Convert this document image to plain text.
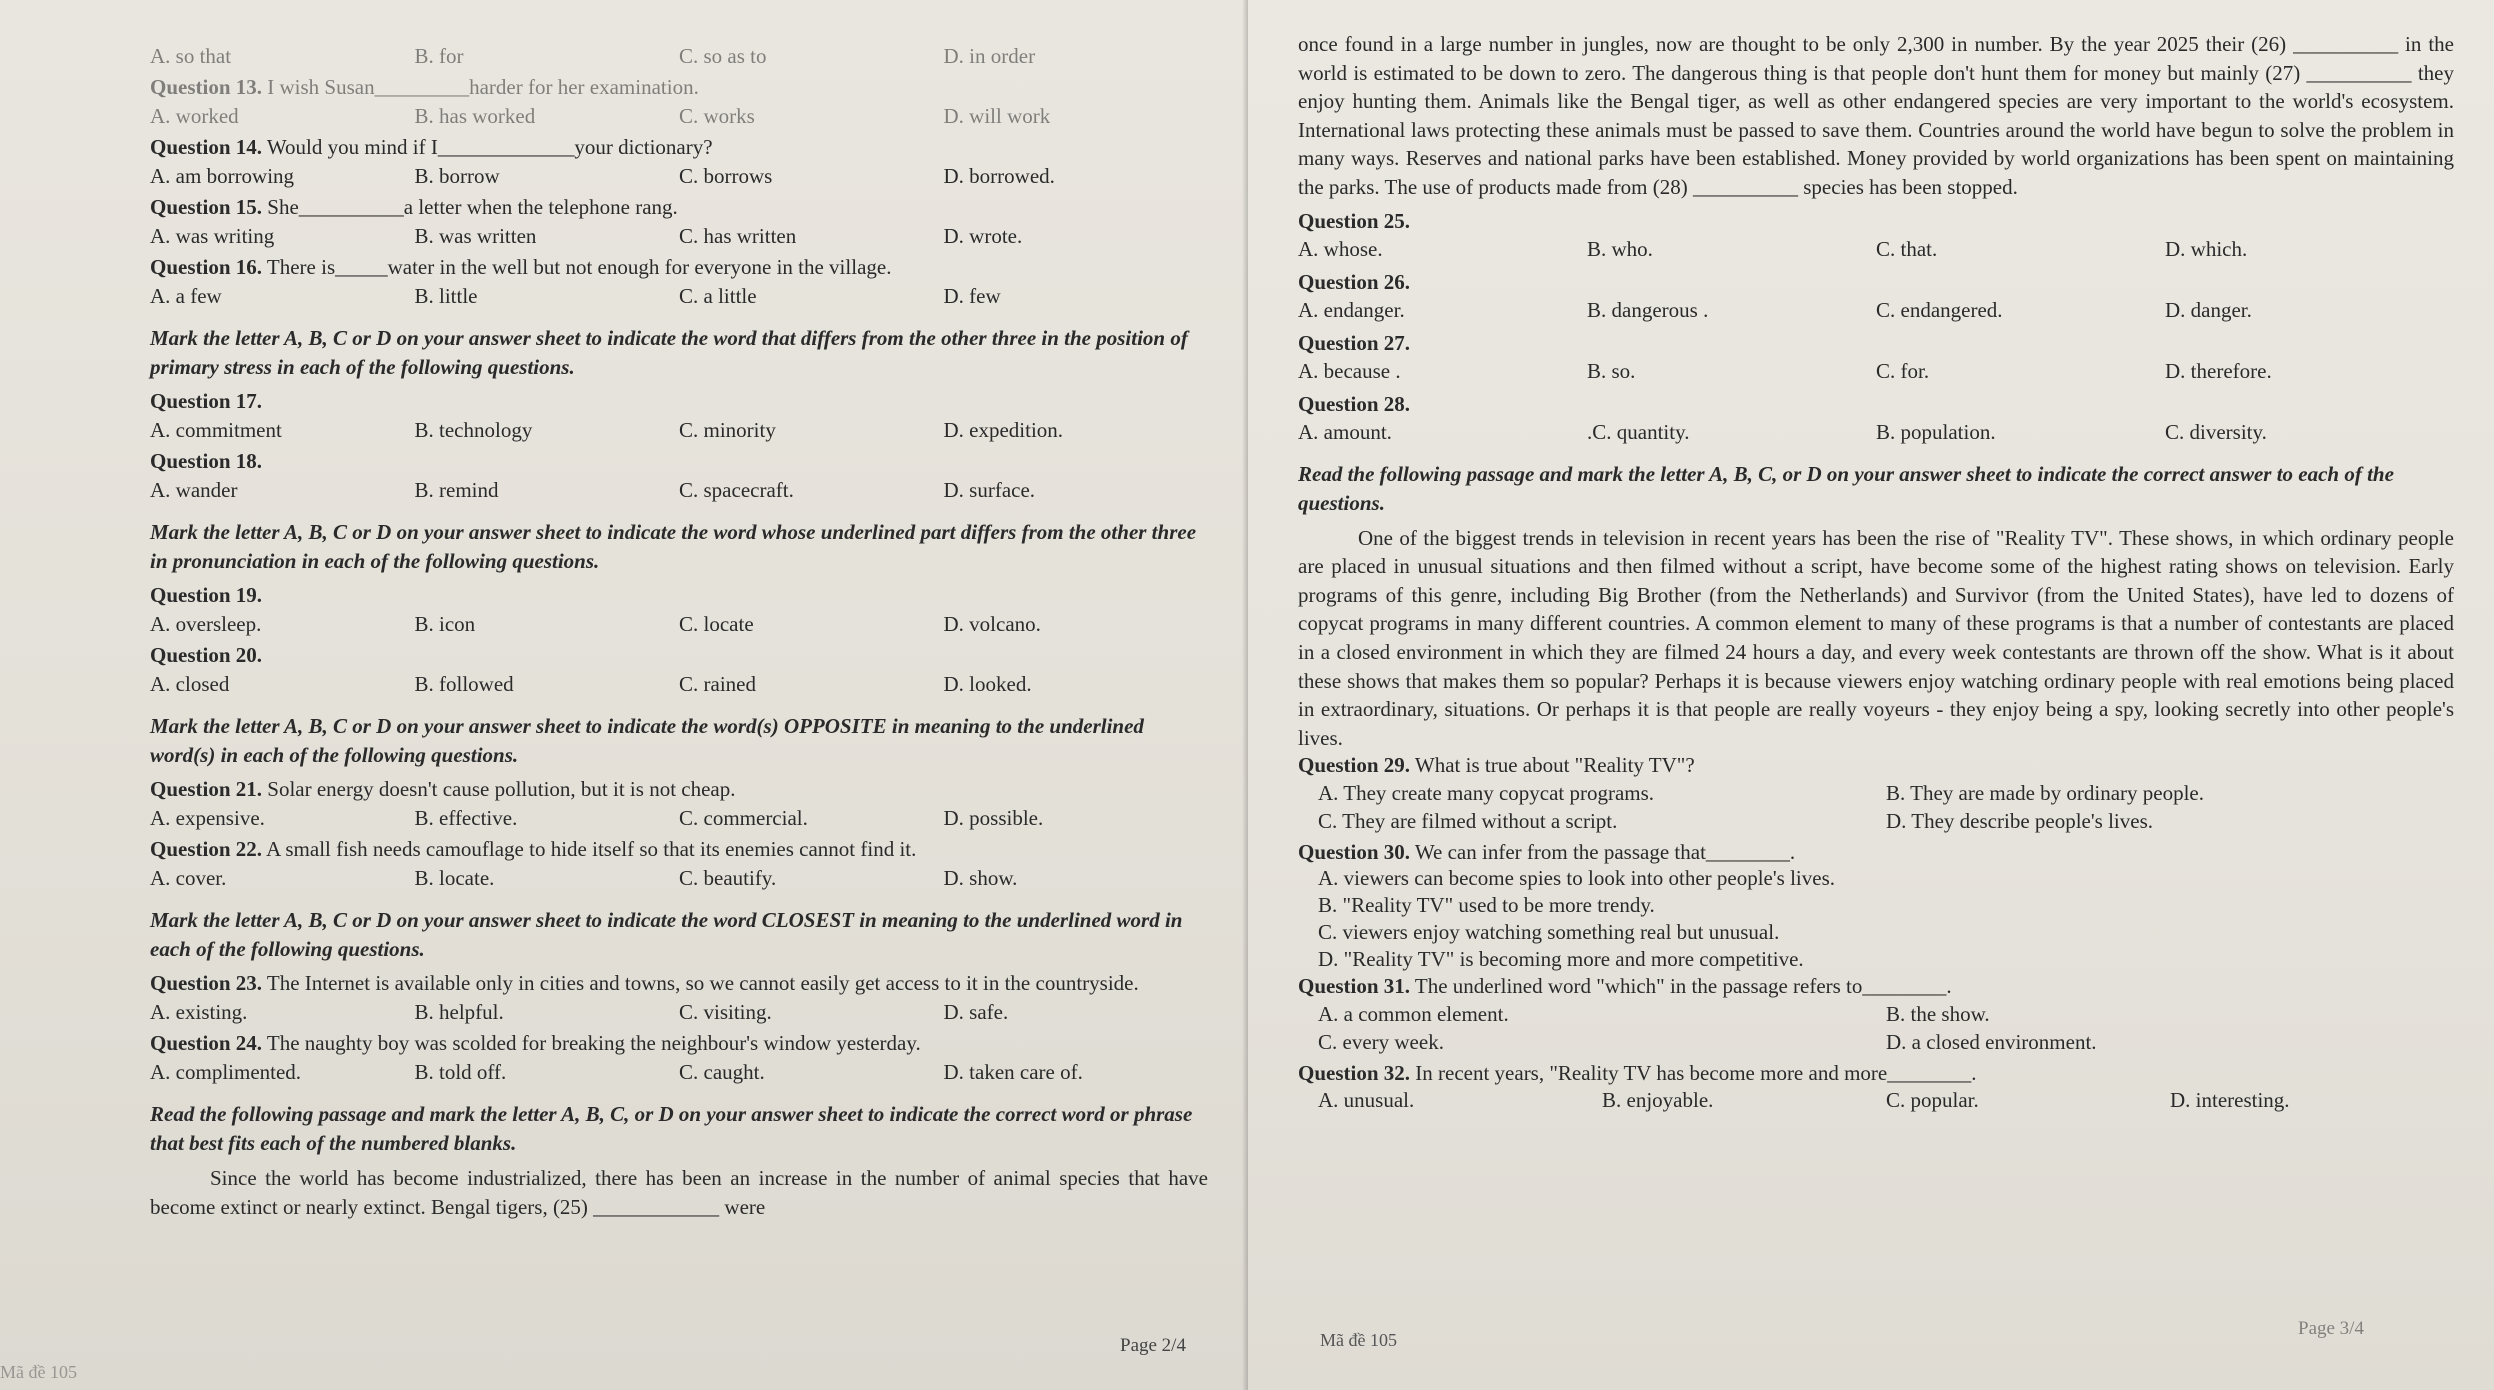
A. so that	B. for	C. so as to	D. in order
Question 13. I wish Susan_________harder for her examination.
A. worked	B. has worked	C. works	D. will work
Question 14. Would you mind if I_____________your dictionary?
A. am borrowing	B. borrow	C. borrows	D. borrowed.
Question 15. She__________a letter when the telephone rang.
A. was writing	B. was written	C. has written	D. wrote.
Question 16. There is_____water in the well but not enough for everyone in the village.
A. a few	B. little	C. a little	D. few
Mark the letter A, B, C or D on your answer sheet to indicate the word that differs from the other three in the position of primary stress in each of the following questions.
Question 17.
A. commitment	B. technology	C. minority	D. expedition.
Question 18.
A. wander	B. remind	C. spacecraft.	D. surface.
Mark the letter A, B, C or D on your answer sheet to indicate the word whose underlined part differs from the other three in pronunciation in each of the following questions.
Question 19.
A. oversleep.	B. icon	C. locate	D. volcano.
Question 20.
A. closed	B. followed	C. rained	D. looked.
Mark the letter A, B, C or D on your answer sheet to indicate the word(s) OPPOSITE in meaning to the underlined word(s) in each of the following questions.
Question 21. Solar energy doesn't cause pollution, but it is not cheap.
A. expensive.	B. effective.	C. commercial.	D. possible.
Question 22. A small fish needs camouflage to hide itself so that its enemies cannot find it.
A. cover.	B. locate.	C. beautify.	D. show.
Mark the letter A, B, C or D on your answer sheet to indicate the word CLOSEST in meaning to the underlined word in each of the following questions.
Question 23. The Internet is available only in cities and towns, so we cannot easily get access to it in the countryside.
A. existing.	B. helpful.	C. visiting.	D. safe.
Question 24. The naughty boy was scolded for breaking the neighbour's window yesterday.
A. complimented.	B. told off.	C. caught.	D. taken care of.
Read the following passage and mark the letter A, B, C, or D on your answer sheet to indicate the correct word or phrase that best fits each of the numbered blanks.

Since the world has become industrialized, there has been an increase in the number of animal species that have become extinct or nearly extinct. Bengal tigers, (25) ____________ were

Page 2/4
Mã đề 105

once found in a large number in jungles, now are thought to be only 2,300 in number. By the year 2025 their (26) __________ in the world is estimated to be down to zero. The dangerous thing is that people don't hunt them for money but mainly (27) __________ they enjoy hunting them. Animals like the Bengal tiger, as well as other endangered species are very important to the world's ecosystem. International laws protecting these animals must be passed to save them. Countries around the world have begun to solve the problem in many ways. Reserves and national parks have been established. Money provided by world organizations has been spent on maintaining the parks. The use of products made from (28) __________ species has been stopped.

Question 25.
A. whose.	B. who.	C. that.	D. which.
Question 26.
A. endanger.	B. dangerous .	C. endangered.	D. danger.
Question 27.
A. because .	B. so.	C. for.	D. therefore.
Question 28.
A. amount.	.C. quantity.	B. population.	C. diversity.
Read the following passage and mark the letter A, B, C, or D on your answer sheet to indicate the correct answer to each of the questions.

One of the biggest trends in television in recent years has been the rise of "Reality TV". These shows, in which ordinary people are placed in unusual situations and then filmed without a script, have become some of the highest rating shows on television. Early programs of this genre, including Big Brother (from the Netherlands) and Survivor (from the United States), have led to dozens of copycat programs in many different countries. A common element to many of these programs is that a number of contestants are placed in a closed environment in which they are filmed 24 hours a day, and every week contestants are thrown off the show. What is it about these shows that makes them so popular? Perhaps it is because viewers enjoy watching ordinary people with real emotions being placed in extraordinary, situations. Or perhaps it is that people are really voyeurs - they enjoy being a spy, looking secretly into other people's lives.

Question 29. What is true about "Reality TV"?
A. They create many copycat programs.	B. They are made by ordinary people.
C. They are filmed without a script.	D. They describe people's lives.
Question 30. We can infer from the passage that________.
A. viewers can become spies to look into other people's lives.
B. "Reality TV" used to be more trendy.
C. viewers enjoy watching something real but unusual.
D. "Reality TV" is becoming more and more competitive.
Question 31. The underlined word "which" in the passage refers to________.
A. a common element.	B. the show.
C. every week.	D. a closed environment.
Question 32. In recent years, "Reality TV has become more and more________.
A. unusual.	B. enjoyable.	C. popular.	D. interesting.
Mã đề 105
Page 3/4
